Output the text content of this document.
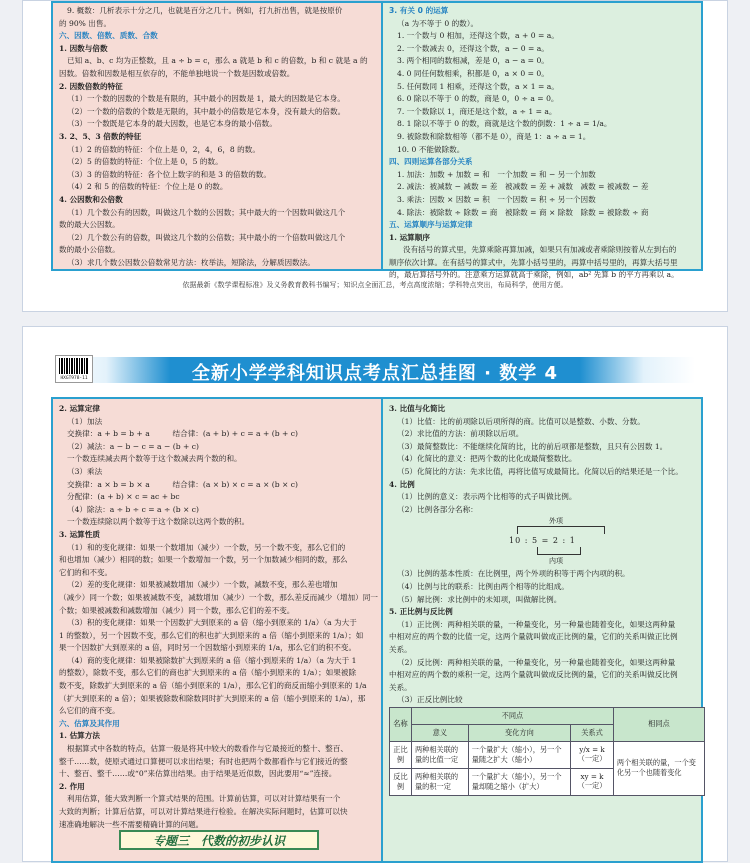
9. 概数：几析表示十分之几，也就是百分之几十。例如，打九折出售，就是按原价
的 90% 出售。
六、因数、倍数、质数、合数
1. 因数与倍数
已知 a、b、c 均为正整数，且 a ÷ b = c，那么 a 就是 b 和 c 的倍数，b 和 c 就是 a 的
因数。倍数和因数是相互依存的，不能单独地说一个数是因数或倍数。
2. 因数倍数的特征
（1）一个数的因数的个数是有限的，其中最小的因数是 1，最大的因数是它本身。
（2）一个数的倍数的个数是无限的，其中最小的倍数是它本身，没有最大的倍数。
（3）一个数既是它本身的最大因数，也是它本身的最小倍数。
3. 2、5、3 倍数的特征
（1）2 的倍数的特征：个位上是 0，2，4，6，8 的数。
（2）5 的倍数的特征：个位上是 0，5 的数。
（3）3 的倍数的特征：各个位上数字的和是 3 的倍数的数。
（4）2 和 5 的倍数的特征：个位上是 0 的数。
4. 公因数和公倍数
（1）几个数公有的因数，叫做这几个数的公因数；其中最大的一个因数叫做这几个
数的最大公因数。
（2）几个数公有的倍数，叫做这几个数的公倍数；其中最小的一个倍数叫做这几个
数的最小公倍数。
（3）求几个数公因数公倍数常见方法：枚举法，短除法，分解质因数法。
3. 有关 0 的运算
（a 为不等于 0 的数）。
1. 一个数与 0 相加，还得这个数，a + 0 = a。
2. 一个数减去 0，还得这个数，a − 0 = a。
3. 两个相同的数相减，差是 0，a − a = 0。
4. 0 同任何数相乘，积都是 0，a × 0 = 0。
5. 任何数同 1 相乘，还得这个数，a × 1 = a。
6. 0 除以不等于 0 的数，商是 0，0 ÷ a = 0。
7. 一个数除以 1，商还是这个数，a ÷ 1 = a。
8. 1 除以不等于 0 的数，商就是这个数的倒数：1 ÷ a = 1/a。
9. 被除数和除数相等（都不是 0），商是 1：a ÷ a = 1。
10. 0 不能做除数。
四、四则运算各部分关系
1. 加法：加数 + 加数 = 和　一个加数 = 和 − 另一个加数
2. 减法：被减数 − 减数 = 差　被减数 = 差 + 减数　减数 = 被减数 − 差
3. 乘法：因数 × 因数 = 积　一个因数 = 积 ÷ 另一个因数
4. 除法：被除数 ÷ 除数 = 商　被除数 = 商 × 除数　除数 = 被除数 ÷ 商
五、运算顺序与运算定律
1. 运算顺序
没有括号的算式里，先算乘除再算加减，如果只有加减或者乘除则按着从左到右的
顺序依次计算。在有括号的算式中，先算小括号里的，再算中括号里的，再算大括号里
的，最后算括号外的。注意乘方运算就高于乘除，例如，ab² 先算 b 的平方再乘以 a。
依据最新《数学课程标准》及义务教育教科书编写；知识点全面汇总，考点高度浓缩；学科特点突出，布局科学，使用方便。
全新小学学科知识点考点汇总挂图 · 数学 4
HXGT978-11
2. 运算定律
（1）加法
交换律：a + b = b + a　　　结合律：(a + b) + c = a + (b + c)
（2）减法：a − b − c = a − (b + c)
一个数连续减去两个数等于这个数减去两个数的和。
（3）乘法
交换律：a × b = b × a　　　结合律：(a × b) × c = a × (b × c)
分配律：(a + b) × c = ac + bc
（4）除法：a ÷ b ÷ c = a ÷ (b × c)
一个数连续除以两个数等于这个数除以这两个数的积。
3. 运算性质
（1）和的变化规律：如果一个数增加（减少）一个数，另一个数不变，那么它们的
和也增加（减少）相同的数；如果一个数增加一个数，另一个加数减少相同的数，那么
它们的和不变。
（2）差的变化规律：如果被减数增加（减少）一个数，减数不变，那么差也增加
（减少）同一个数；如果被减数不变，减数增加（减少）一个数，那么差反而减少（增加）同一
个数；如果被减数和减数增加（减少）同一个数，那么它们的差不变。
（3）积的变化规律：如果一个因数扩大到原来的 a 倍（缩小到原来的 1/a）（a 为大于
1 的整数），另一个因数不变，那么它们的积也扩大到原来的 a 倍（缩小到原来的 1/a）；如
果一个因数扩大到原来的 a 倍，同时另一个因数缩小到原来的 1/a，那么它们的积不变。
（4）商的变化规律：如果被除数扩大到原来的 a 倍（缩小到原来的 1/a）（a 为大于 1
的整数），除数不变，那么它们的商也扩大到原来的 a 倍（缩小到原来的 1/a）；如果被除
数不变，除数扩大到原来的 a 倍（缩小到原来的 1/a），那么它们的商反而缩小到原来的 1/a
（扩大到原来的 a 倍）；如果被除数和除数同时扩大到原来的 a 倍（缩小到原来的 1/a），那
么它们的商不变。
六、估算及其作用
1. 估算方法
根据算式中各数的特点，估算一般是将其中较大的数看作与它最接近的整十、整百、
整千……数，使原式通过口算便可以求出结果；有时也把两个数都看作与它们接近的整
十、整百、整千……或“0”来估算出结果。由于结果是近似数，因此要用“≈”连接。
2. 作用
利用估算，能大致判断一个算式结果的范围。计算前估算，可以对计算结果有一个
大致的判断；计算后估算，可以对计算结果进行检验。在解决实际问题时，估算可以快
速准确地解决一些不需要精确计算的问题。
专题三　代数的初步认识
3. 比值与化简比
（1）比值：比的前项除以后项所得的商。比值可以是整数、小数、分数。
（2）求比值的方法：前项除以后项。
（3）最简整数比：不能继续化简的比，比的前后项都是整数，且只有公因数 1。
（4）化简比的意义：把两个数的比化成最简整数比。
（5）化简比的方法：先求比值，再将比值写成最简比。化简以后的结果还是一个比。
4. 比例
（1）比例的意义：表示两个比相等的式子叫做比例。
（2）比例各部分名称：
外项
10 : 5 = 2 : 1
内项
（3）比例的基本性质：在比例里，两个外项的积等于两个内项的积。
（4）比例与比的联系：比例由两个相等的比组成。
（5）解比例：求比例中的未知项，叫做解比例。
5. 正比例与反比例
（1）正比例：两种相关联的量，一种量变化，另一种量也随着变化，如果这两种量
中相对应的两个数的比值一定，这两个量就叫做成正比例的量，它们的关系叫做正比例
关系。
（2）反比例：两种相关联的量，一种量变化，另一种量也随着变化，如果这两种量
中相对应的两个数的乘积一定，这两个量就叫做成反比例的量，它们的关系叫做反比例
关系。
（3）正反比例比较
名称	不同点			相同点
	意义	变化方向	关系式	
正比例	两种相关联的量的比值一定	一个量扩大（缩小），另一个量随之扩大（缩小）	y/x = k（一定）	两个相关联的量，一个变化另一个也随着变化
反比例	两种相关联的量的积一定	一个量扩大（缩小），另一个量却随之缩小（扩大）	xy = k（一定）	
